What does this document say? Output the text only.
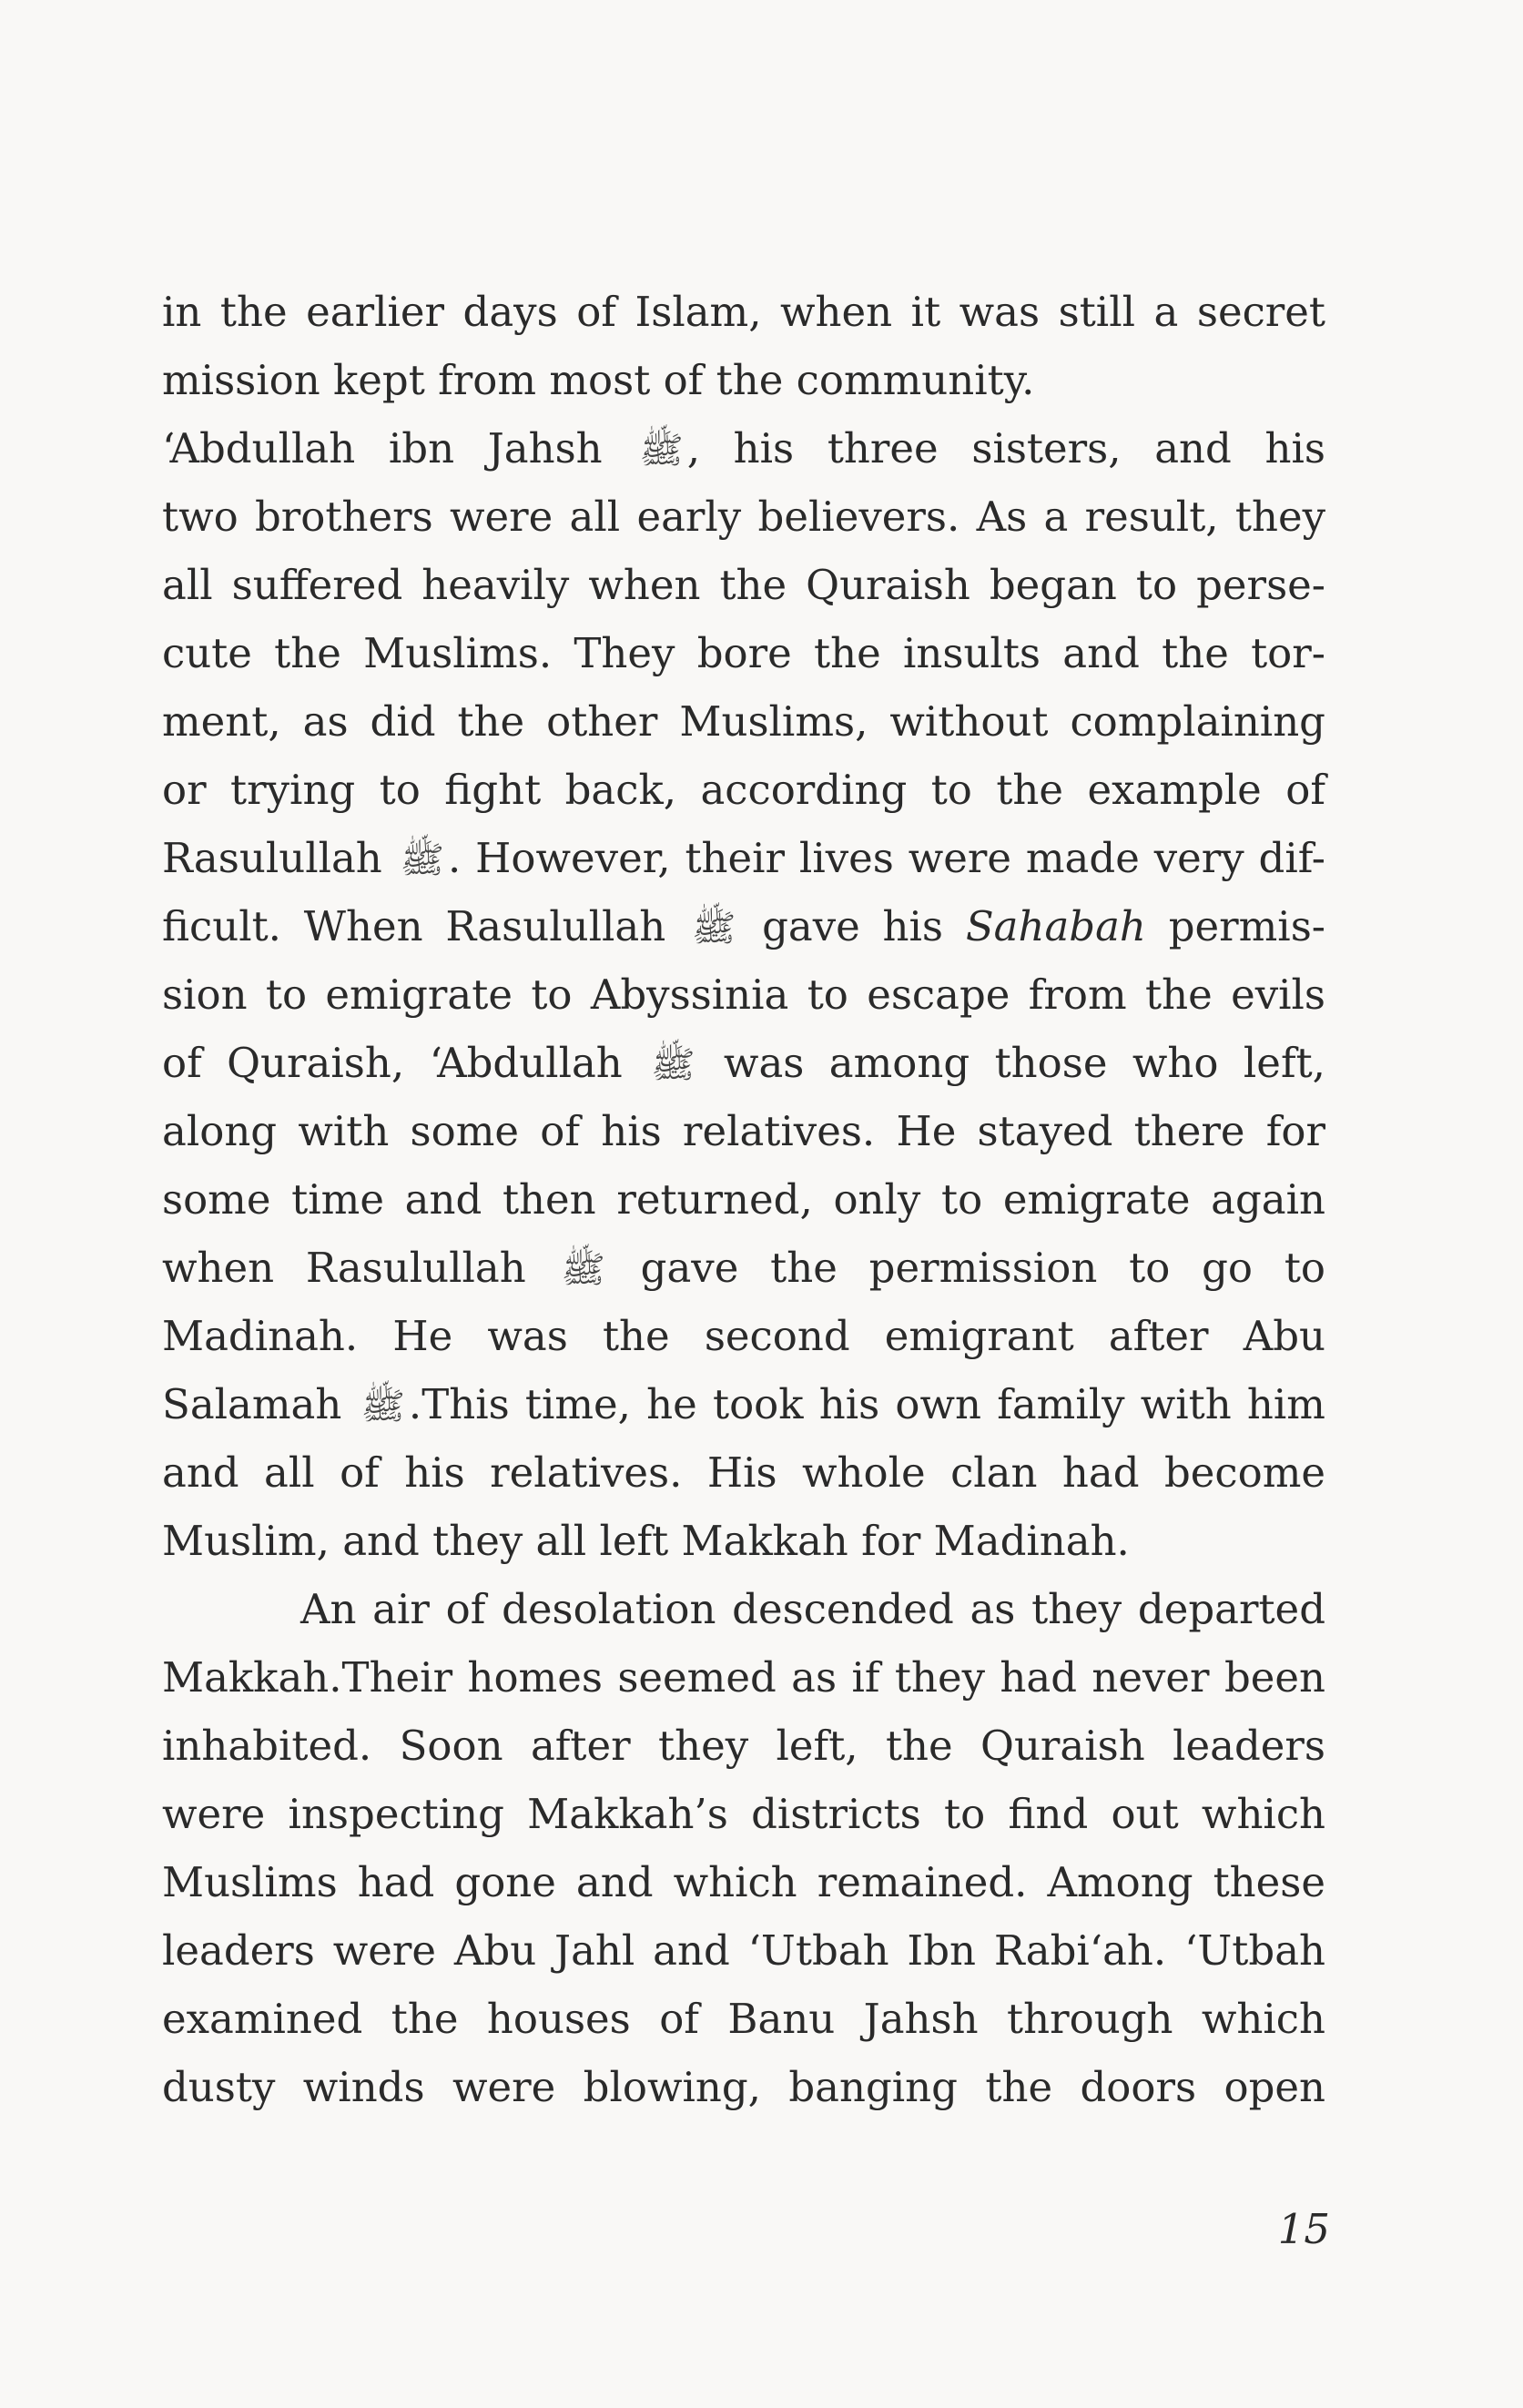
in the earlier days of Islam, when it was still a secret
mission kept from most of the community.
‘Abdullah ibn Jahsh ﷺ, his three sisters, and his
two brothers were all early believers. As a result, they
all suffered heavily when the Quraish began to perse-
cute the Muslims. They bore the insults and the tor-
ment, as did the other Muslims, without complaining
or trying to fight back, according to the example of
Rasulullah ﷺ. However, their lives were made very dif-
ficult. When Rasulullah ﷺ gave his Sahabah permis-
sion to emigrate to Abyssinia to escape from the evils
of Quraish, ‘Abdullah ﷺ was among those who left,
along with some of his relatives. He stayed there for
some time and then returned, only to emigrate again
when Rasulullah ﷺ gave the permission to go to
Madinah. He was the second emigrant after Abu
Salamah ﷺ.This time, he took his own family with him
and all of his relatives. His whole clan had become
Muslim, and they all left Makkah for Madinah.
An air of desolation descended as they departed
Makkah.Their homes seemed as if they had never been
inhabited. Soon after they left, the Quraish leaders
were inspecting Makkah’s districts to find out which
Muslims had gone and which remained. Among these
leaders were Abu Jahl and ‘Utbah Ibn Rabi‘ah. ‘Utbah
examined the houses of Banu Jahsh through which
dusty winds were blowing, banging the doors open
15
